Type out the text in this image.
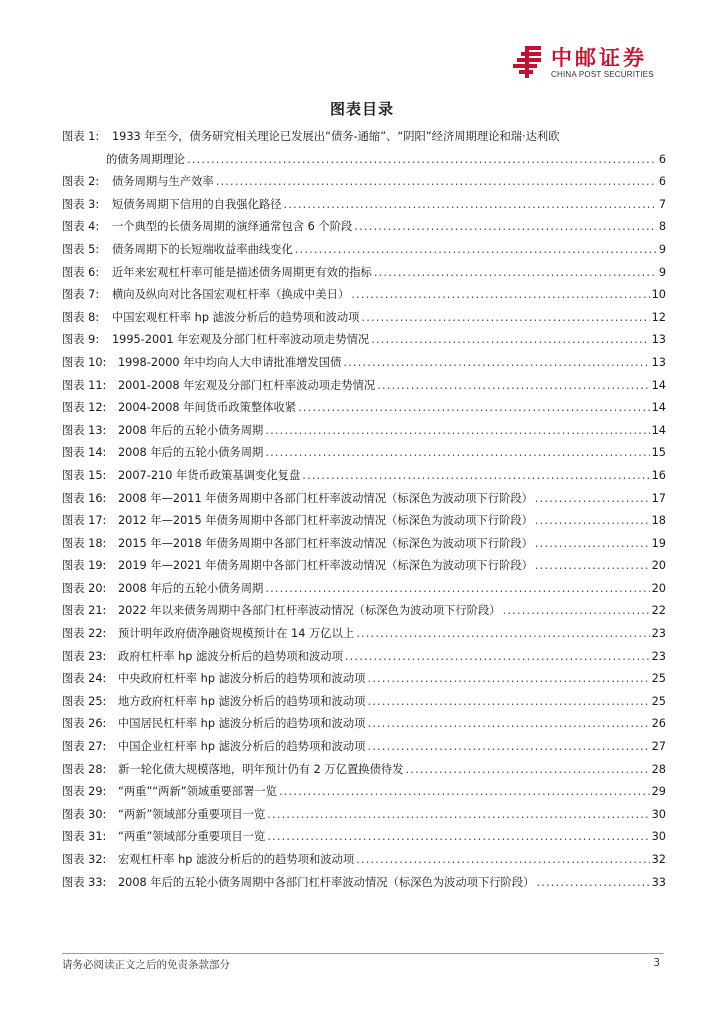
中邮证券
CHINA POST SECURITIES
图表目录
图表 1: 1933 年至今，债务研究相关理论已发展出“债务-通缩”、“阴阳”经济周期理论和瑞·达利欧
的债务周期理论 . . .	6
图表 2: 债务周期与生产效率 . . .	6
图表 3: 短债务周期下信用的自我强化路径 . . .	7
图表 4: 一个典型的长债务周期的演绎通常包含 6 个阶段 . . .	8
图表 5: 债务周期下的长短端收益率曲线变化 . . .	9
图表 6: 近年来宏观杠杆率可能是描述债务周期更有效的指标 . . .	9
图表 7: 横向及纵向对比各国宏观杠杆率（换成中美日） . . .	10
图表 8: 中国宏观杠杆率 hp 滤波分析后的趋势项和波动项 . . .	12
图表 9: 1995-2001 年宏观及分部门杠杆率波动项走势情况 . . .	13
图表 10: 1998-2000 年中均向人大申请批准增发国债 . . .	13
图表 11: 2001-2008 年宏观及分部门杠杆率波动项走势情况 . . .	14
图表 12: 2004-2008 年间货币政策整体收紧 . . .	14
图表 13: 2008 年后的五轮小债务周期 . . .	14
图表 14: 2008 年后的五轮小债务周期 . . .	15
图表 15: 2007-210 年货币政策基调变化复盘 . . .	16
图表 16: 2008 年—2011 年债务周期中各部门杠杆率波动情况（标深色为波动项下行阶段） . . .	17
图表 17: 2012 年—2015 年债务周期中各部门杠杆率波动情况（标深色为波动项下行阶段） . . .	18
图表 18: 2015 年—2018 年债务周期中各部门杠杆率波动情况（标深色为波动项下行阶段） . . .	19
图表 19: 2019 年—2021 年债务周期中各部门杠杆率波动情况（标深色为波动项下行阶段） . . .	20
图表 20: 2008 年后的五轮小债务周期 . . .	20
图表 21: 2022 年以来债务周期中各部门杠杆率波动情况（标深色为波动项下行阶段） . . .	22
图表 22: 预计明年政府债净融资规模预计在 14 万亿以上 . . .	23
图表 23: 政府杠杆率 hp 滤波分析后的趋势项和波动项 . . .	23
图表 24: 中央政府杠杆率 hp 滤波分析后的趋势项和波动项 . . .	25
图表 25: 地方政府杠杆率 hp 滤波分析后的趋势项和波动项 . . .	25
图表 26: 中国居民杠杆率 hp 滤波分析后的趋势项和波动项 . . .	26
图表 27: 中国企业杠杆率 hp 滤波分析后的趋势项和波动项 . . .	27
图表 28: 新一轮化债大规模落地，明年预计仍有 2 万亿置换债待发 . . .	28
图表 29: “两重”“两新”领域重要部署一览 . . .	29
图表 30: “两新”领域部分重要项目一览 . . .	30
图表 31: “两重”领域部分重要项目一览 . . .	30
图表 32: 宏观杠杆率 hp 滤波分析后的的趋势项和波动项 . . .	32
图表 33: 2008 年后的五轮小债务周期中各部门杠杆率波动情况（标深色为波动项下行阶段） . . .	33
请务必阅读正文之后的免责条款部分	3
